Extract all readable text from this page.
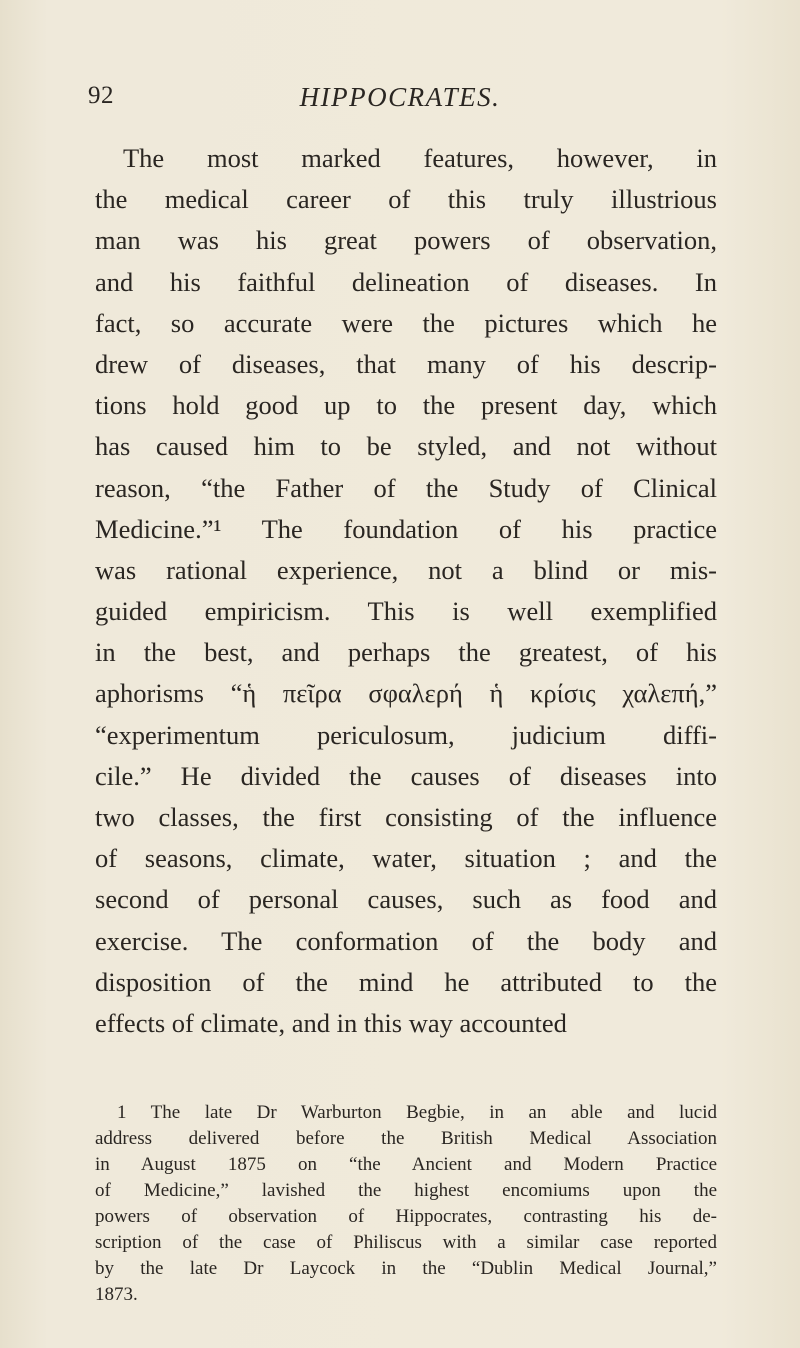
92	HIPPOCRATES.
The most marked features, however, in
the medical career of this truly illustrious
man was his great powers of observation,
and his faithful delineation of diseases. In
fact, so accurate were the pictures which he
drew of diseases, that many of his descrip-
tions hold good up to the present day, which
has caused him to be styled, and not without
reason, “the Father of the Study of Clinical
Medicine.”¹ The foundation of his practice
was rational experience, not a blind or mis-
guided empiricism. This is well exemplified
in the best, and perhaps the greatest, of his
aphorisms “ἡ πεῖρα σφαλερή ἡ κρίσις χαλεπή,”
“experimentum periculosum, judicium diffi-
cile.” He divided the causes of diseases into
two classes, the first consisting of the influence
of seasons, climate, water, situation ; and the
second of personal causes, such as food and
exercise. The conformation of the body and
disposition of the mind he attributed to the
effects of climate, and in this way accounted
1 The late Dr Warburton Begbie, in an able and lucid
address delivered before the British Medical Association
in August 1875 on “the Ancient and Modern Practice
of Medicine,” lavished the highest encomiums upon the
powers of observation of Hippocrates, contrasting his de-
scription of the case of Philiscus with a similar case reported
by the late Dr Laycock in the “Dublin Medical Journal,”
1873.
